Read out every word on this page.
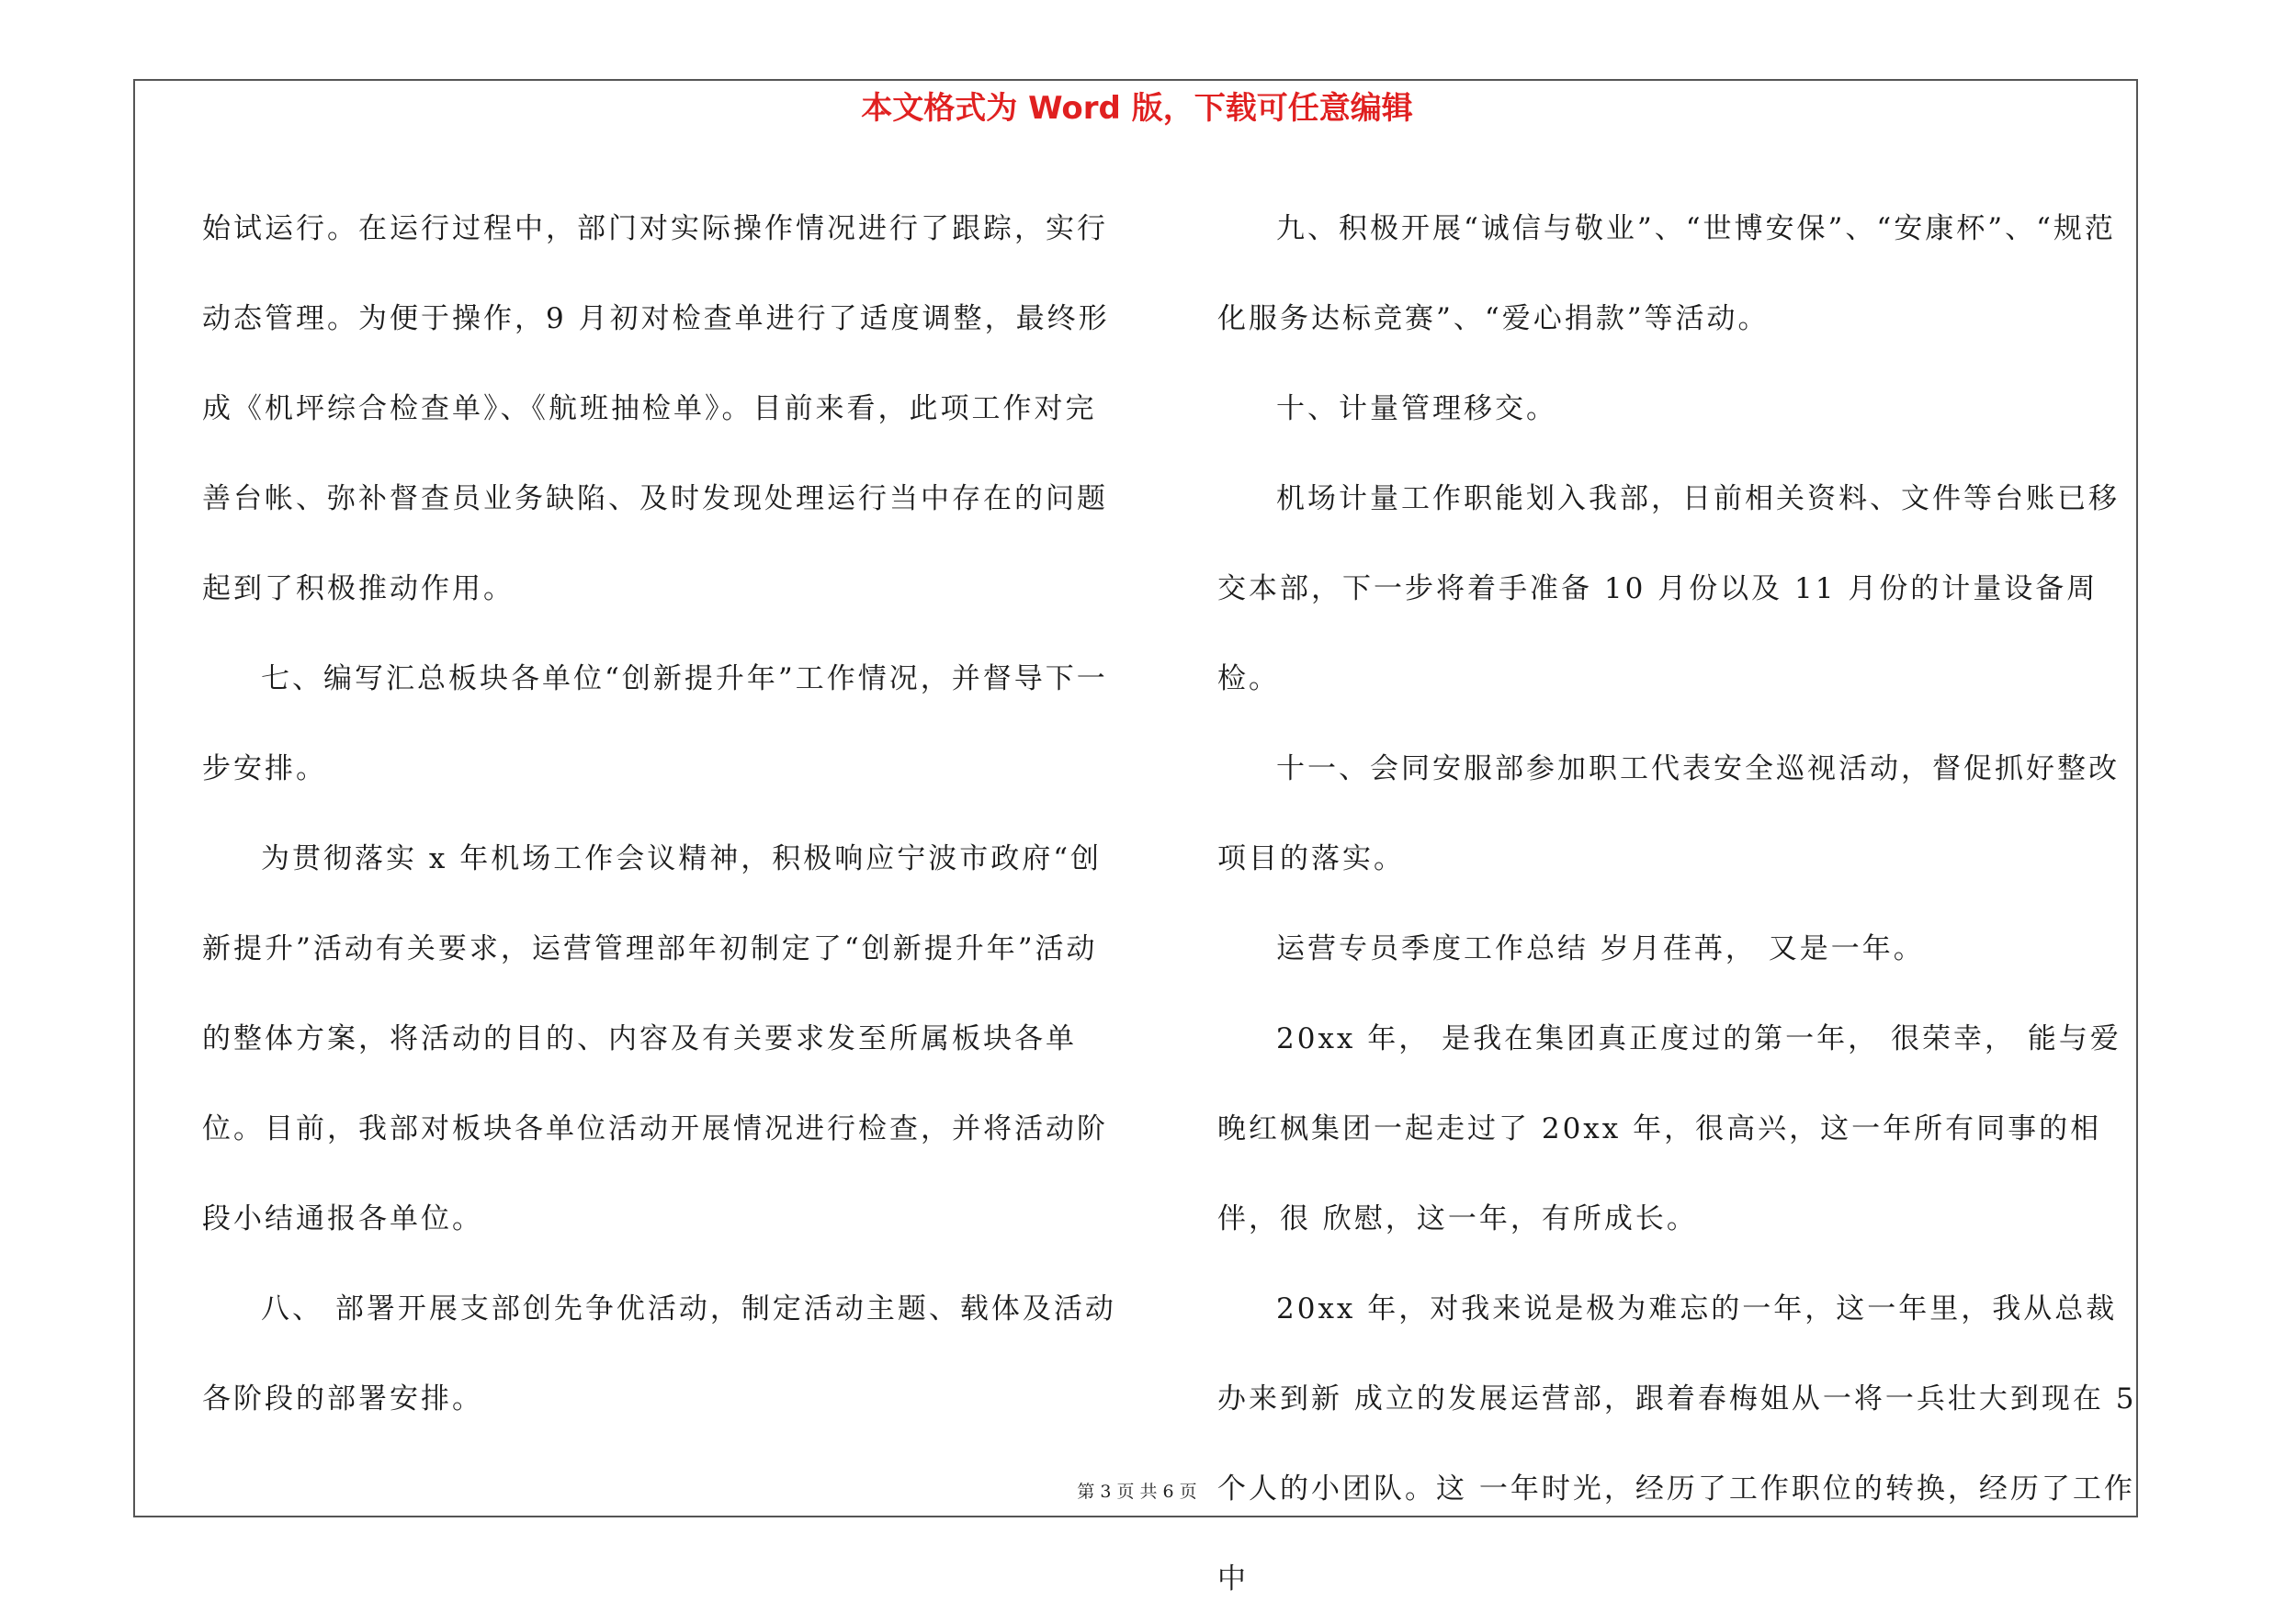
本文格式为 Word 版，下载可任意编辑

始试运行。在运行过程中，部门对实际操作情况进行了跟踪，实行动态管理。为便于操作，9 月初对检查单进行了适度调整，最终形成《机坪综合检查单》、《航班抽检单》。目前来看，此项工作对完善台帐、弥补督查员业务缺陷、及时发现处理运行当中存在的问题起到了积极推动作用。

七、编写汇总板块各单位“创新提升年”工作情况，并督导下一步安排。

为贯彻落实 x 年机场工作会议精神，积极响应宁波市政府“创新提升”活动有关要求，运营管理部年初制定了“创新提升年”活动的整体方案，将活动的目的、内容及有关要求发至所属板块各单位。目前，我部对板块各单位活动开展情况进行检查，并将活动阶段小结通报各单位。

八、 部署开展支部创先争优活动，制定活动主题、载体及活动各阶段的部署安排。

九、积极开展“诚信与敬业”、“世博安保”、“安康杯”、“规范化服务达标竞赛”、“爱心捐款”等活动。

十、计量管理移交。

机场计量工作职能划入我部，日前相关资料、文件等台账已移交本部，下一步将着手准备 10 月份以及 11 月份的计量设备周检。

十一、会同安服部参加职工代表安全巡视活动，督促抓好整改项目的落实。

运营专员季度工作总结 岁月荏苒， 又是一年。

20xx 年， 是我在集团真正度过的第一年， 很荣幸， 能与爱晚红枫集团一起走过了 20xx 年，很高兴，这一年所有同事的相伴，很 欣慰，这一年，有所成长。

20xx 年，对我来说是极为难忘的一年，这一年里，我从总裁办来到新 成立的发展运营部，跟着春梅姐从一将一兵壮大到现在 5 个人的小团队。这 一年时光，经历了工作职位的转换，经历了工作中

第 3 页 共 6 页
